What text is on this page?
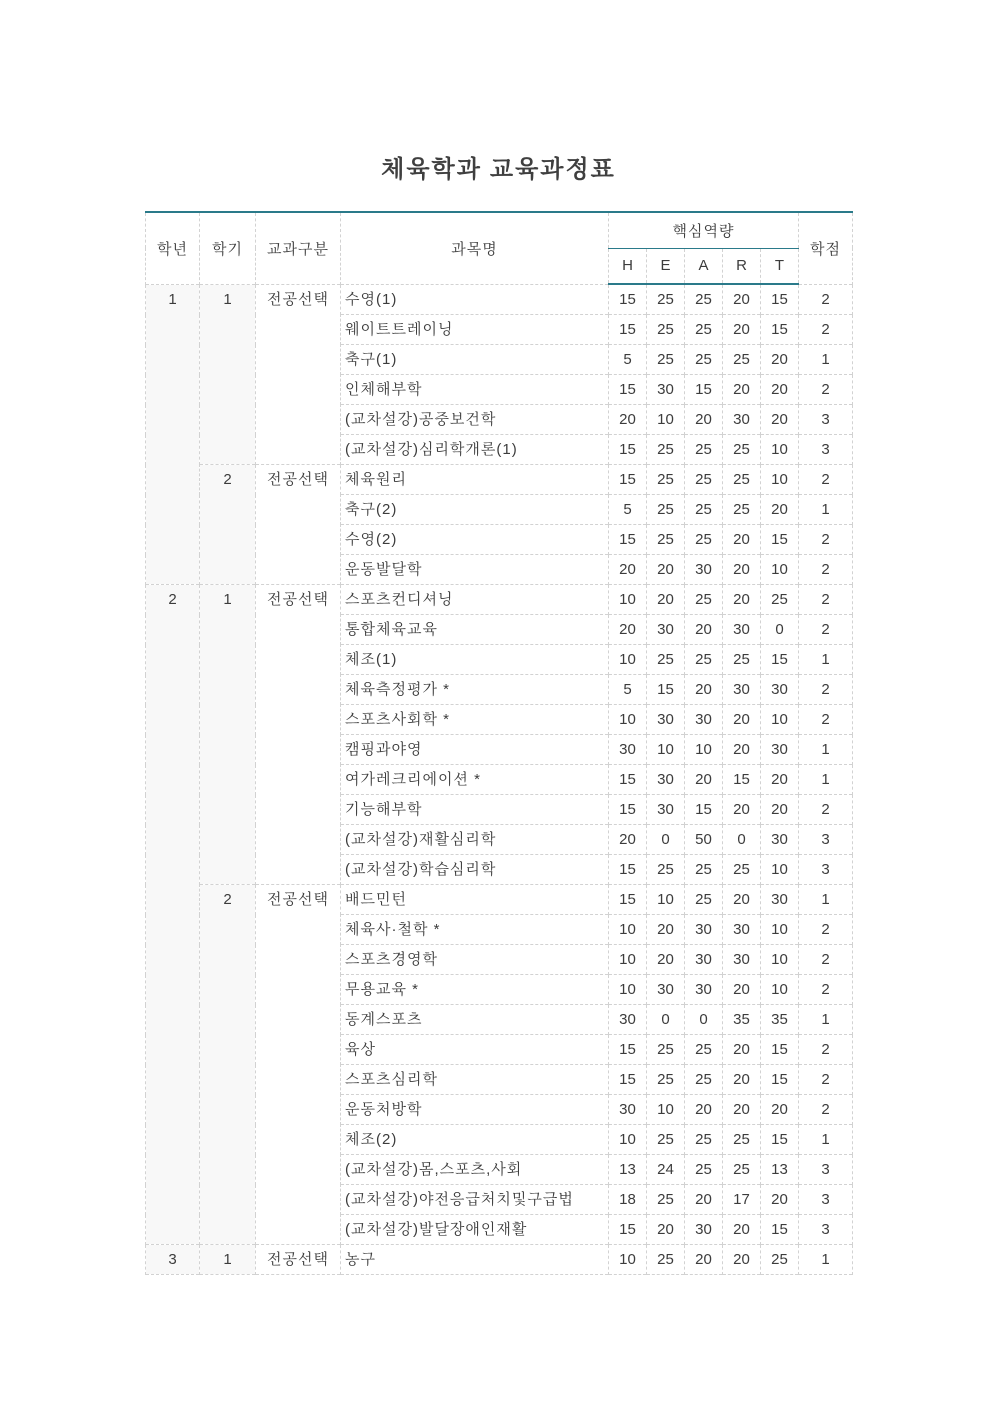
체육학과 교육과정표
학년	학기	교과구분	과목명	핵심역량					학점
				H	E	A	R	T	
1	1	전공선택	수영(1)	15	25	25	20	15	2
			웨이트트레이닝	15	25	25	20	15	2
			축구(1)	5	25	25	25	20	1
			인체해부학	15	30	15	20	20	2
			(교차설강)공중보건학	20	10	20	30	20	3
			(교차설강)심리학개론(1)	15	25	25	25	10	3
	2	전공선택	체육원리	15	25	25	25	10	2
			축구(2)	5	25	25	25	20	1
			수영(2)	15	25	25	20	15	2
			운동발달학	20	20	30	20	10	2
2	1	전공선택	스포츠컨디셔닝	10	20	25	20	25	2
			통합체육교육	20	30	20	30	0	2
			체조(1)	10	25	25	25	15	1
			체육측정평가 *	5	15	20	30	30	2
			스포츠사회학 *	10	30	30	20	10	2
			캠핑과야영	30	10	10	20	30	1
			여가레크리에이션 *	15	30	20	15	20	1
			기능해부학	15	30	15	20	20	2
			(교차설강)재활심리학	20	0	50	0	30	3
			(교차설강)학습심리학	15	25	25	25	10	3
	2	전공선택	배드민턴	15	10	25	20	30	1
			체육사·철학 *	10	20	30	30	10	2
			스포츠경영학	10	20	30	30	10	2
			무용교육 *	10	30	30	20	10	2
			동계스포츠	30	0	0	35	35	1
			육상	15	25	25	20	15	2
			스포츠심리학	15	25	25	20	15	2
			운동처방학	30	10	20	20	20	2
			체조(2)	10	25	25	25	15	1
			(교차설강)몸,스포츠,사회	13	24	25	25	13	3
			(교차설강)야전응급처치및구급법	18	25	20	17	20	3
			(교차설강)발달장애인재활	15	20	30	20	15	3
3	1	전공선택	농구	10	25	20	20	25	1
